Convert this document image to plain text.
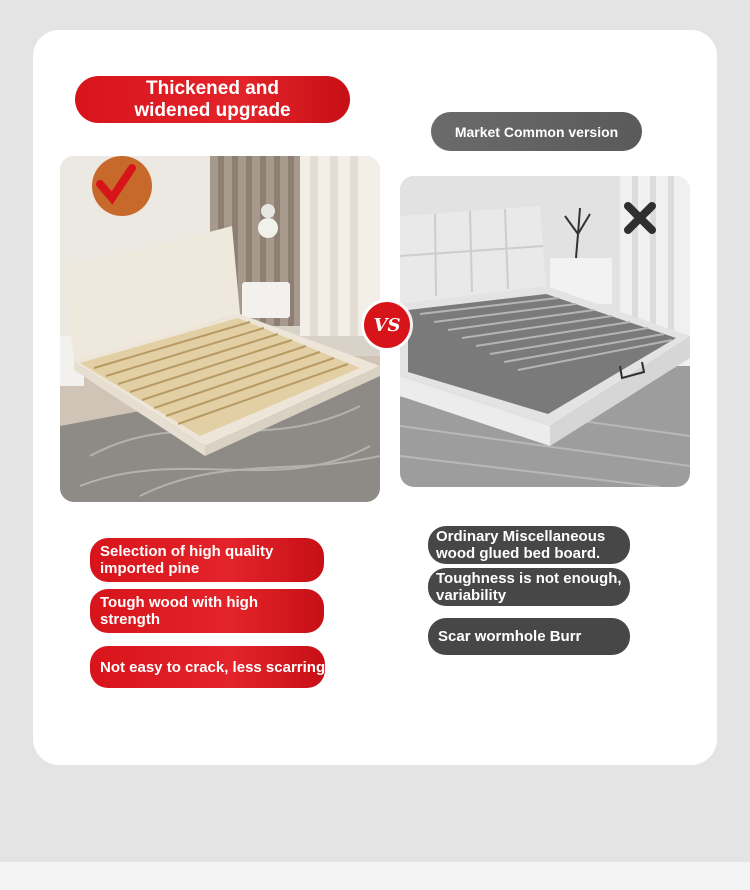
Thickened and
widened upgrade
Market Common version
VS
Selection of high quality imported pine
Tough wood with high strength
Not easy to crack, less scarring
Ordinary Miscellaneous wood glued bed board.
Toughness is not enough, variability
Scar wormhole Burr
